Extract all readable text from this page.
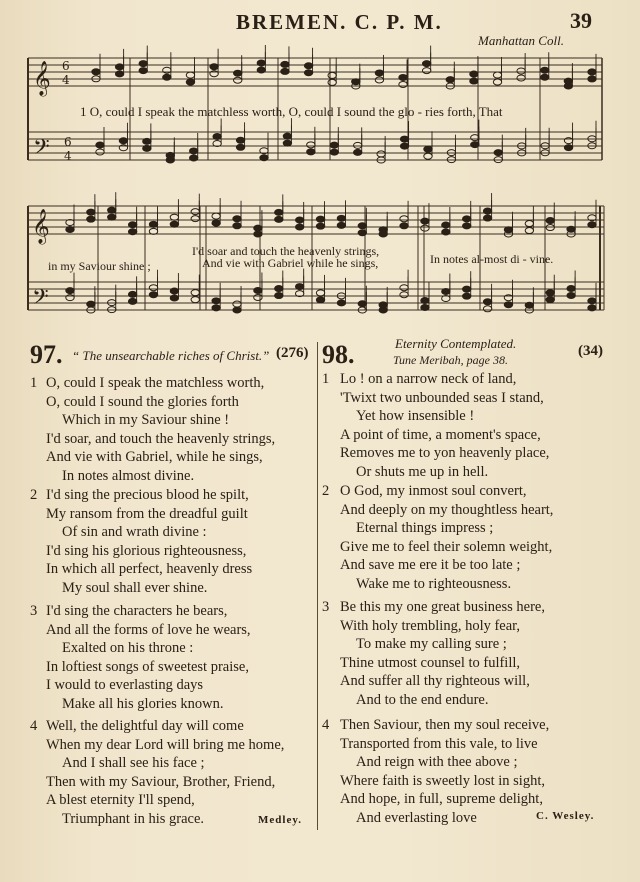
BREMEN. C. P. M.	39
Manhattan Coll.
𝄞
𝄢
𝄞
𝄢
6
4
6
4
1 O, could I speak the matchless worth, O, could I sound the glo - ries forth, That
in my Saviour shine ;
I'd soar and touch the heavenly strings,
And vie with Gabriel while he sings,	In notes al-most di - vine.
97. “ The unsearchable riches of Christ.” (276) 98.	Eternity Contemplated.
Tune Meribah, page 38.
(34)
1 O, could I speak the matchless worth,
O, could I sound the glories forth
Which in my Saviour shine !
I'd soar, and touch the heavenly strings,
And vie with Gabriel, while he sings,
In notes almost divine.
2 I'd sing the precious blood he spilt,
My ransom from the dreadful guilt
Of sin and wrath divine :
I'd sing his glorious righteousness,
In which all perfect, heavenly dress
My soul shall ever shine.
3 I'd sing the characters he bears,
And all the forms of love he wears,
Exalted on his throne :
In loftiest songs of sweetest praise,
I would to everlasting days
Make all his glories known.
4 Well, the delightful day will come
When my dear Lord will bring me home,
And I shall see his face ;
Then with my Saviour, Brother, Friend,
A blest eternity I'll spend,
Triumphant in his grace.
1 Lo ! on a narrow neck of land,
'Twixt two unbounded seas I stand,
Yet how insensible !
A point of time, a moment's space,
Removes me to yon heavenly place,
Or shuts me up in hell.
2 O God, my inmost soul convert,
And deeply on my thoughtless heart,
Eternal things impress ;
Give me to feel their solemn weight,
And save me ere it be too late ;
Wake me to righteousness.
3 Be this my one great business here,
With holy trembling, holy fear,
To make my calling sure ;
Thine utmost counsel to fulfill,
And suffer all thy righteous will,
And to the end endure.
4 Then Saviour, then my soul receive,
Transported from this vale, to live
And reign with thee above ;
Where faith is sweetly lost in sight,
And hope, in full, supreme delight,
And everlasting love
Medley.	C. Wesley.
